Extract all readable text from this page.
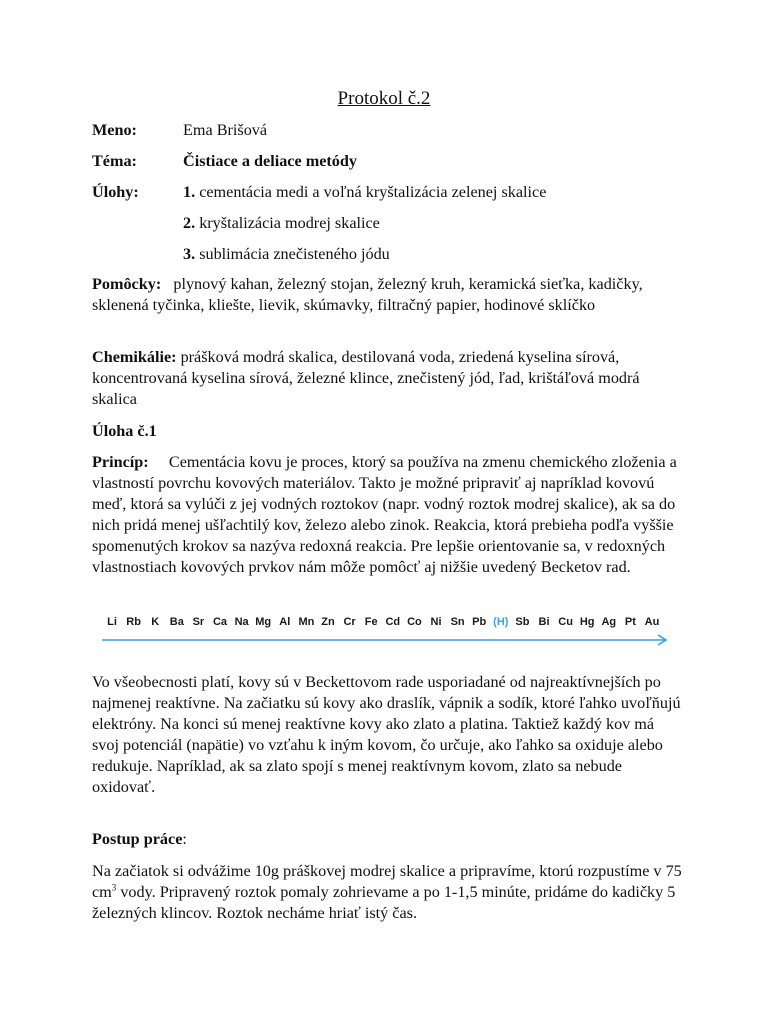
Protokol č.2
Meno:	Ema Brišová
Téma:	Čistiace a deliace metódy
Úlohy:	1. cementácia medi a voľná kryštalizácia zelenej skalice
2. kryštalizácia modrej skalice
3. sublimácia znečisteného jódu

Pomôcky: plynový kahan, železný stojan, železný kruh, keramická sieťka, kadičky, sklenená tyčinka, kliešte, lievik, skúmavky, filtračný papier, hodinové sklíčko

Chemikálie: prášková modrá skalica, destilovaná voda, zriedená kyselina sírová, koncentrovaná kyselina sírová, železné klince, znečistený jód, ľad, krištáľová modrá skalica

Úloha č.1

Princíp: Cementácia kovu je proces, ktorý sa používa na zmenu chemického zloženia a vlastností povrchu kovových materiálov. Takto je možné pripraviť aj napríklad kovovú meď, ktorá sa vylúči z jej vodných roztokov (napr. vodný roztok modrej skalice), ak sa do nich pridá menej ušľachtilý kov, železo alebo zinok. Reakcia, ktorá prebieha podľa vyššie spomenutých krokov sa nazýva redoxná reakcia. Pre lepšie orientovanie sa, v redoxných vlastnostiach kovových prvkov nám môže pomôcť aj nižšie uvedený Becketov rad.

Li Rb K Ba Sr Ca Na Mg Al Mn Zn Cr Fe Cd Co Ni Sn Pb (H) Sb Bi Cu Hg Ag Pt Au

Vo všeobecnosti platí, kovy sú v Beckettovom rade usporiadané od najreaktívnejších po najmenej reaktívne. Na začiatku sú kovy ako draslík, vápnik a sodík, ktoré ľahko uvoľňujú elektróny. Na konci sú menej reaktívne kovy ako zlato a platina. Taktiež každý kov má svoj potenciál (napätie) vo vzťahu k iným kovom, čo určuje, ako ľahko sa oxiduje alebo redukuje. Napríklad, ak sa zlato spojí s menej reaktívnym kovom, zlato sa nebude oxidovať.

Postup práce:

Na začiatok si odvážime 10g práškovej modrej skalice a pripravíme, ktorú rozpustíme v 75 $cm^3$ vody. Pripravený roztok pomaly zohrievame a po 1-1,5 minúte, pridáme do kadičky 5 železných klincov. Roztok necháme hriať istý čas.
